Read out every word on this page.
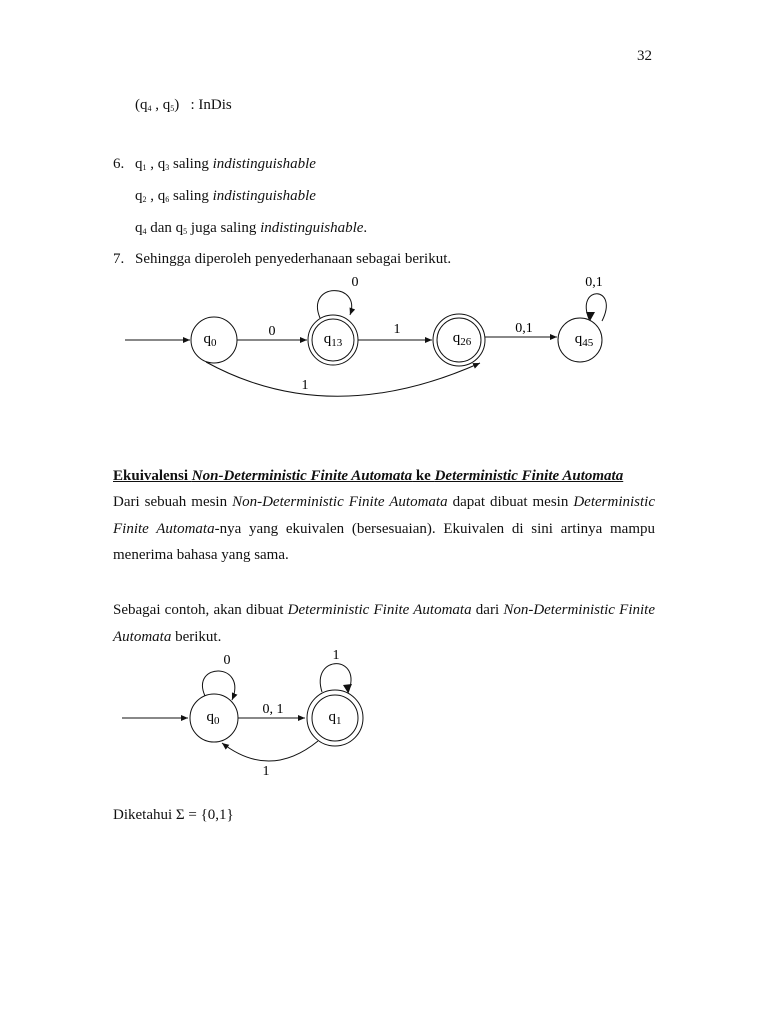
32
($q_4$ , $q_5$)   : InDis
6. $q_1$ , $q_3$ saling indistinguishable
$q_2$ , $q_6$ saling indistinguishable
$q_4$ dan $q_5$ juga saling indistinguishable.
7. Sehingga diperoleh penyederhanaan sebagai berikut.
$q_0$	$q_{13}$	$q_{26}$	$q_{45}$
0	1	0,1
1
0	0,1
Ekuivalensi Non-Deterministic Finite Automata ke Deterministic Finite Automata
Dari sebuah mesin Non-Deterministic Finite Automata dapat dibuat mesin Deterministic Finite Automata-nya yang ekuivalen (bersesuaian). Ekuivalen di sini artinya mampu menerima bahasa yang sama.
Sebagai contoh, akan dibuat Deterministic Finite Automata dari Non-Deterministic Finite Automata berikut.
$q_0$	$q_1$
0, 1
1
0	1
Diketahui Σ = {0,1}
